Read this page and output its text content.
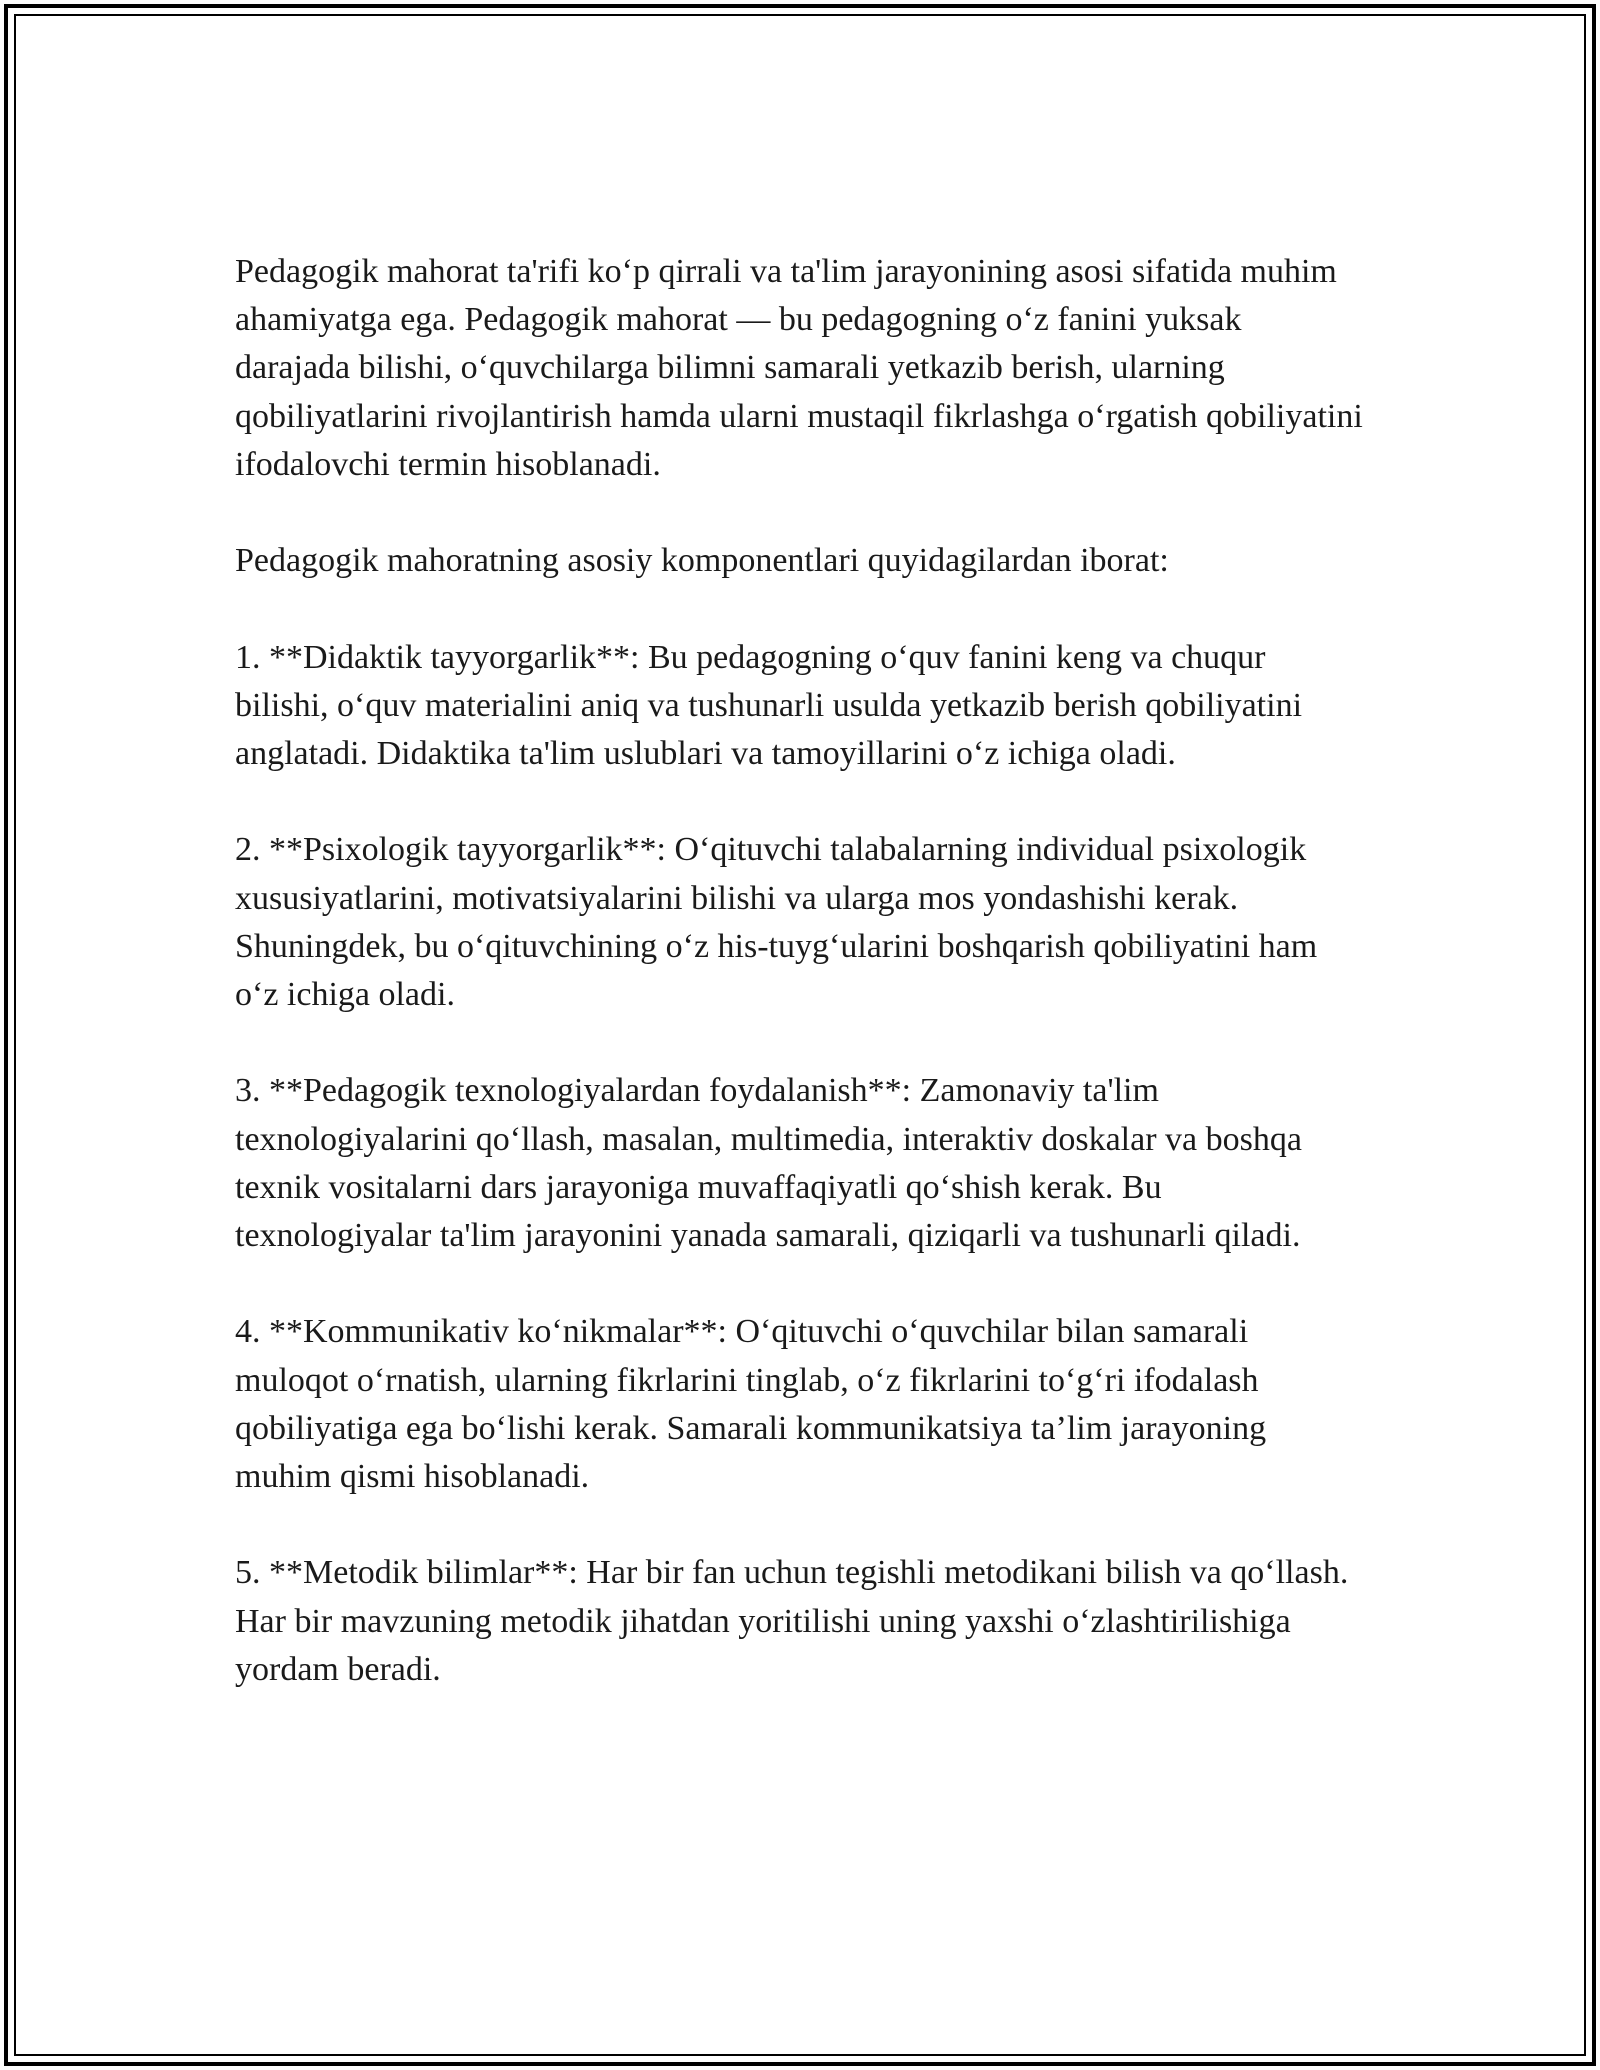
Pedagogik mahorat ta'rifi ko‘p qirrali va ta'lim jarayonining asosi sifatida muhim ahamiyatga ega. Pedagogik mahorat — bu pedagogning o‘z fanini yuksak darajada bilishi, o‘quvchilarga bilimni samarali yetkazib berish, ularning qobiliyatlarini rivojlantirish hamda ularni mustaqil fikrlashga o‘rgatish qobiliyatini ifodalovchi termin hisoblanadi.

Pedagogik mahoratning asosiy komponentlari quyidagilardan iborat:

1. **Didaktik tayyorgarlik**: Bu pedagogning o‘quv fanini keng va chuqur bilishi, o‘quv materialini aniq va tushunarli usulda yetkazib berish qobiliyatini anglatadi. Didaktika ta'lim uslublari va tamoyillarini o‘z ichiga oladi.

2. **Psixologik tayyorgarlik**: O‘qituvchi talabalarning individual psixologik xususiyatlarini, motivatsiyalarini bilishi va ularga mos yondashishi kerak. Shuningdek, bu o‘qituvchining o‘z his-tuyg‘ularini boshqarish qobiliyatini ham o‘z ichiga oladi.

3. **Pedagogik texnologiyalardan foydalanish**: Zamonaviy ta'lim texnologiyalarini qo‘llash, masalan, multimedia, interaktiv doskalar va boshqa texnik vositalarni dars jarayoniga muvaffaqiyatli qo‘shish kerak. Bu texnologiyalar ta'lim jarayonini yanada samarali, qiziqarli va tushunarli qiladi.

4. **Kommunikativ ko‘nikmalar**: O‘qituvchi o‘quvchilar bilan samarali muloqot o‘rnatish, ularning fikrlarini tinglab, o‘z fikrlarini to‘g‘ri ifodalash qobiliyatiga ega bo‘lishi kerak. Samarali kommunikatsiya ta’lim jarayoning muhim qismi hisoblanadi.

5. **Metodik bilimlar**: Har bir fan uchun tegishli metodikani bilish va qo‘llash. Har bir mavzuning metodik jihatdan yoritilishi uning yaxshi o‘zlashtirilishiga yordam beradi.
